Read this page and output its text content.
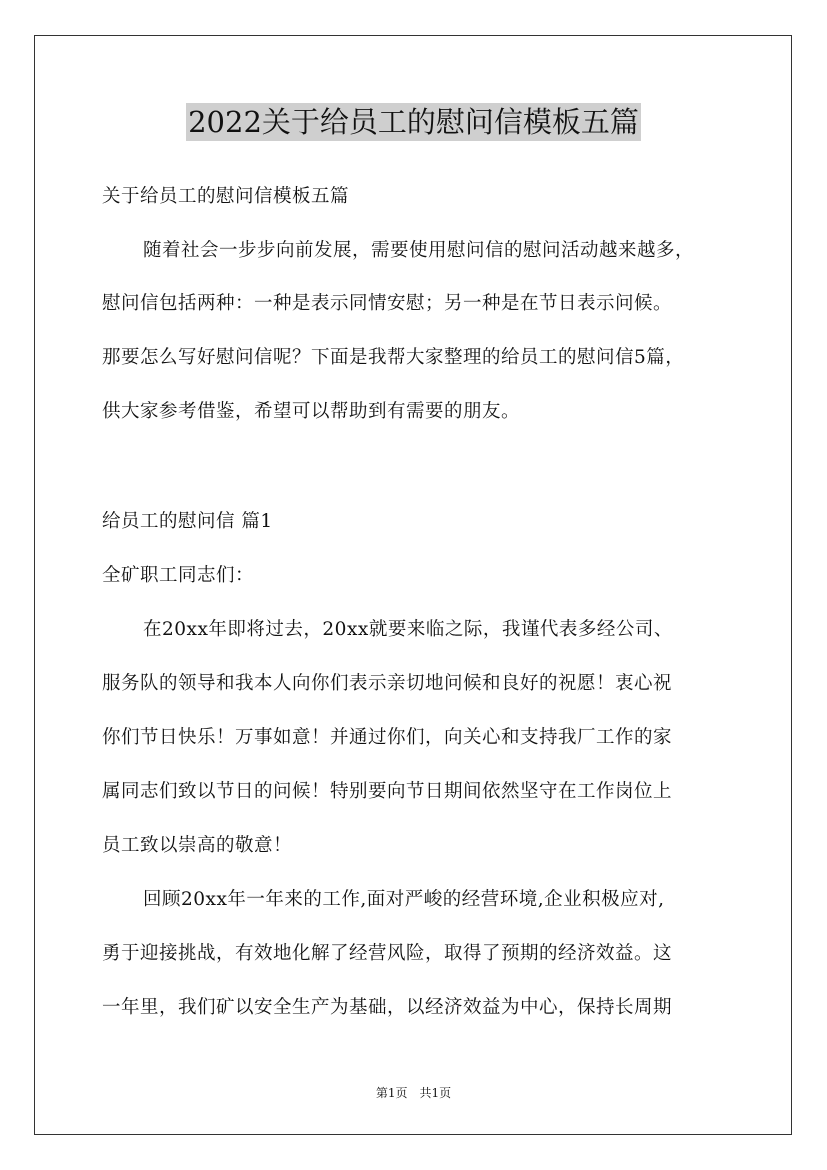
2022关于给员工的慰问信模板五篇
关于给员工的慰问信模板五篇
随着社会一步步向前发展，需要使用慰问信的慰问活动越来越多，
慰问信包括两种：一种是表示同情安慰；另一种是在节日表示问候。
那要怎么写好慰问信呢？下面是我帮大家整理的给员工的慰问信5篇，
供大家参考借鉴，希望可以帮助到有需要的朋友。
给员工的慰问信 篇1
全矿职工同志们：
在20xx年即将过去，20xx就要来临之际，我谨代表多经公司、
服务队的领导和我本人向你们表示亲切地问候和良好的祝愿！衷心祝
你们节日快乐！万事如意！并通过你们，向关心和支持我厂工作的家
属同志们致以节日的问候！特别要向节日期间依然坚守在工作岗位上
员工致以崇高的敬意！
回顾20xx年一年来的工作,面对严峻的经营环境,企业积极应对,
勇于迎接挑战，有效地化解了经营风险，取得了预期的经济效益。这
一年里，我们矿以安全生产为基础，以经济效益为中心，保持长周期
第1页　共1页
